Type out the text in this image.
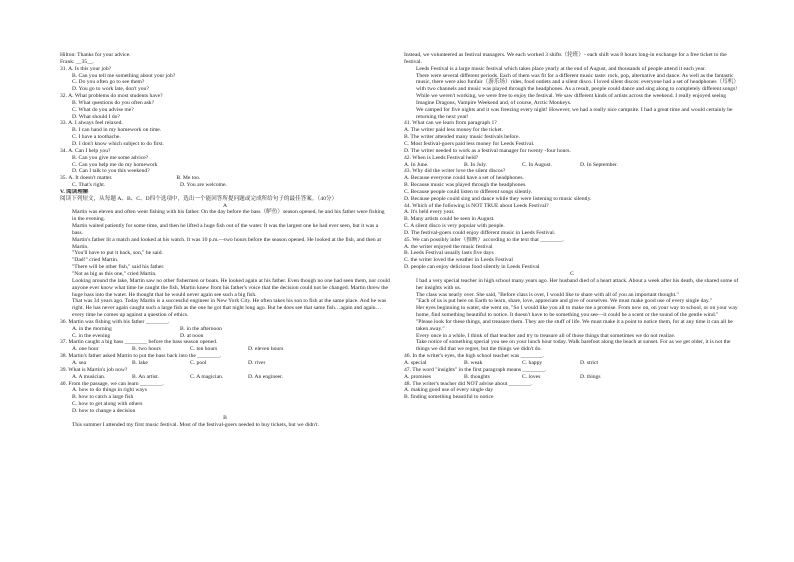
Hilton: Thanks for your advice.
Frank: __35__.
31. A. Is this your job?
B. Can you tell me something about your job?
C. Do you often go to see them?
D. You go to work late, don't you?
32. A. What problems do most students have?
B. What questions do you often ask?
C. What do you advise me?
D. What should I do?
33. A. I always feel relaxed.
B. I can hand in my homework on time.
C. I have a toothache.
D. I don't know which subject to do first.
34. A. Can I help you?
B. Can you give me some advice?
C. Can you help me do my homework
D. Can I talk to you this weekend?
35. A. It doesn't matter.	B. Me too.
C. That's right.	D. You are welcome.
V. 阅读理解
阅读下列短文，从每题 A、B、C、D四个选项中，选出一个能回答所提问题或完成所给句子的最佳答案。（40分）
A
Martin was eleven and often went fishing with his father. On the day before the bass（鲈鱼）season opened, he and his father were fishing in the evening.
Martin waited patiently for some time, and then he lifted a huge fish out of the water. It was the largest one he had ever seen, but it was a bass.
Martin's father lit a match and looked at his watch. It was 10 p.m.—two hours before the season opened. He looked at the fish, and then at Martin.
"You'll have to put it back, son," he said.
"Dad!" cried Martin.
"There will be other fish," said his father.
"Not as big as this one," cried Martin.
Looking around the lake, Martin saw no other fishermen or boats. He looked again at his father. Even though no one had seen them, nor could anyone ever know what time he caught the fish, Martin knew from his father's voice that the decision could not be changed. Martin threw the huge bass into the water. He thought that he would never again see such a big fish.
That was 34 years ago. Today Martin is a successful engineer in New York City. He often takes his son to fish at the same place. And he was right. He has never again caught such a large fish as the one he got that night long ago. But he does see that same fish…again and again… every time he comes up against a question of ethics.
36. Martin was fishing with his father ________.
A. in the morning	B. in the afternoon
C. in the evening	D. at noon
37. Martin caught a big bass ________ before the bass season opened.
A. one hour	B. two hours	C. ten hours	D. eleven hours
38. Martin's father asked Martin to put the bass back into the ________.
A. sea	B. lake	C. pool	D. river
39. What is Martin's job now?
A. A musician.	B. An artist.	C. A magician.	D. An engineer.
40. From the passage, we can learn ________.
A. how to do things in right ways
B. how to catch a large fish
C. how to get along with others
D. how to change a decision
B
This summer I attended my first music festival. Most of the festival-goers needed to buy tickets, but we didn't.
Instead, we volunteered as festival managers. We each worked 3 shifts（轮班）- each shift was 8 hours long-in exchange for a free ticket to the festival.
Leeds Festival is a large music festival which takes place yearly at the end of August, and thousands of people attend it each year.
There were several different periods. Each of them was fit for a different music taste: rock, pop, alternative and dance. As well as the fantastic music, there were also funfair（游乐场）rides, food outlets and a silent disco. I loved silent discos: everyone had a set of headphones（耳机）with two channels and music was played through the headphones. As a result, people could dance and sing along to completely different songs!
While we weren't working, we were free to enjoy the festival. We saw different kinds of artists across the weekend. I really enjoyed seeing Imagine Dragons, Vampire Weekend and, of course, Arctic Monkeys.
We camped for five nights and it was freezing every night! However, we had a really nice campsite. I had a great time and would certainly be returning the next year!
41. What can we learn from paragraph 1?
A. The writer paid less money for the ticket.
B. The writer attended many music festivals before.
C. Most festival-goers paid less money for Leeds Festival.
D. The writer needed to work as a festival manager for twenty -four hours.
42. When is Leeds Festival held?
A. In June.	B. In July.	C. In August.	D. In September.
43. Why did the writer love the silent discos?
A. Because everyone could have a set of headphones.
B. Because music was played through the headphones.
C. Because people could listen to different songs silently.
D. Because people could sing and dance while they were listening to music silently.
44. Which of the following is NOT TRUE about Leeds Festival?
A. It's held every year.
B. Many artists could be seen in August.
C. A silent disco is very popular with people.
D. The festival-goers could enjoy different music in Leeds Festival.
45. We can possibly infer（推断）according to the text that ________.
A. the writer enjoyed the music festival
B. Leeds Festival usually lasts five days
C. the writer loved the weather in Leeds Festival
D. people can enjoy delicious food silently in Leeds Festival
C
I had a very special teacher in high school many years ago. Her husband died of a heart attack. About a week after his death, she shared some of her insights with us.
The class was nearly over. She said, "Before class is over, I would like to share with all of you an important thought."
"Each of us is put here on Earth to learn, share, love, appreciate and give of ourselves. We must make good use of every single day."
Her eyes beginning to water, she went on, "So I would like you all to make me a promise. From now on, on your way to school, or on your way home, find something beautiful to notice. It doesn't have to be something you see—it could be a scent or the sound of the gentle wind."
"Please look for these things, and treasure them. They are the stuff of life. We must make it a point to notice them, for at any time it can all be taken away."
Every once in a while, I think of that teacher and try to treasure all of those things that sometimes we do not realize.
Take notice of something special you see on your lunch hour today. Walk barefoot along the beach at sunset. For as we get older, it is not the things we did that we regret, but the things we didn't do.
46. In the writer's eyes, the high school teacher was ________.
A. special	B. weak	C. happy	D. strict
47. The word "insights" in the first paragraph means ________.
A. promises	B. thoughts	C. loves	D. things
48. The writer's teacher did NOT advise about ________.
A. making good use of every single day
B. finding something beautiful to notice
